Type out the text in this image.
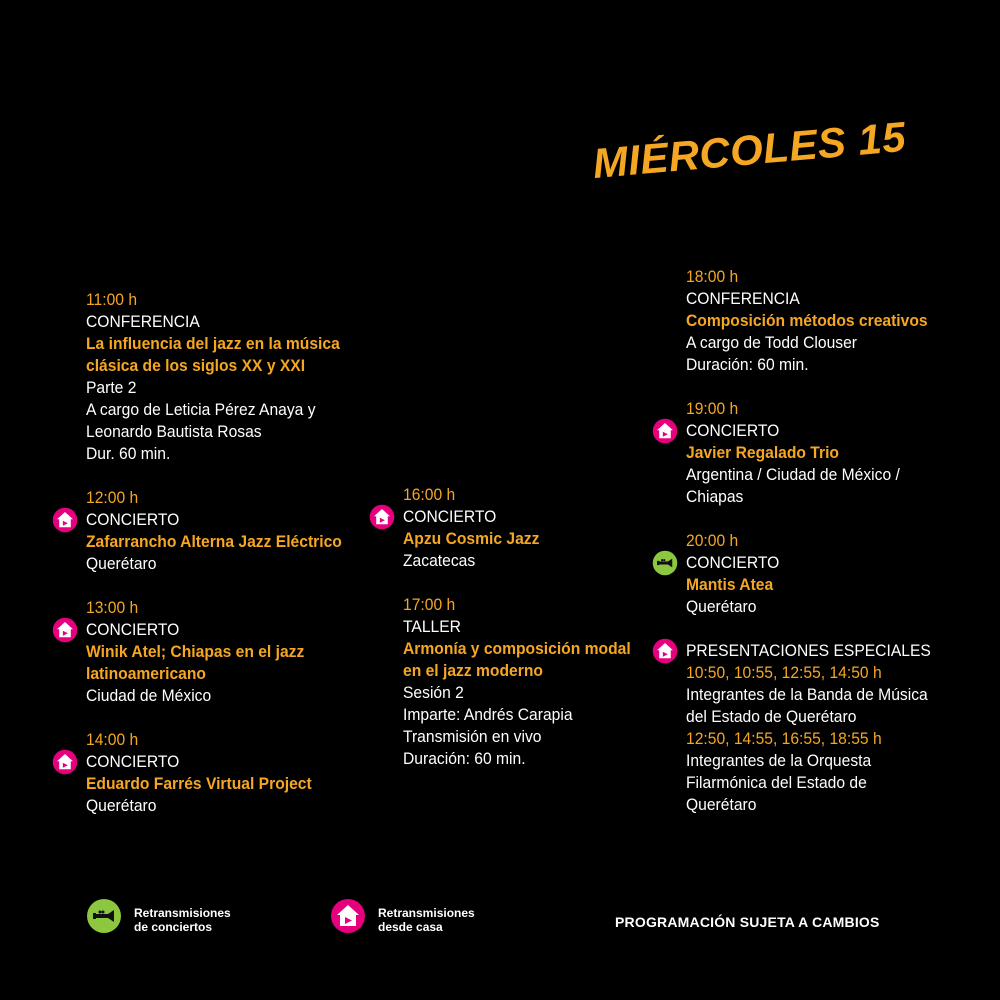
MIÉRCOLES 15
11:00 h
CONFERENCIA
La influencia del jazz en la música
clásica de los siglos XX y XXI
Parte 2
A cargo de Leticia Pérez Anaya y
Leonardo Bautista Rosas
Dur. 60 min.
12:00 h
CONCIERTO
Zafarrancho Alterna Jazz Eléctrico
Querétaro
13:00 h
CONCIERTO
Winik Atel; Chiapas en el jazz
latinoamericano
Ciudad de México
14:00 h
CONCIERTO
Eduardo Farrés Virtual Project
Querétaro
16:00 h
CONCIERTO
Apzu Cosmic Jazz
Zacatecas
17:00 h
TALLER
Armonía y composición modal
en el jazz moderno
Sesión 2
Imparte: Andrés Carapia
Transmisión en vivo
Duración: 60 min.
18:00 h
CONFERENCIA
Composición métodos creativos
A cargo de Todd Clouser
Duración: 60 min.
19:00 h
CONCIERTO
Javier Regalado Trio
Argentina / Ciudad de México /
Chiapas
20:00 h
CONCIERTO
Mantis Atea
Querétaro
PRESENTACIONES ESPECIALES
10:50, 10:55, 12:55, 14:50 h
Integrantes de la Banda de Música
del Estado de Querétaro
12:50, 14:55, 16:55, 18:55 h
Integrantes de la Orquesta
Filarmónica del Estado de
Querétaro
Retransmisiones
de conciertos
Retransmisiones
desde casa	PROGRAMACIÓN SUJETA A CAMBIOS
